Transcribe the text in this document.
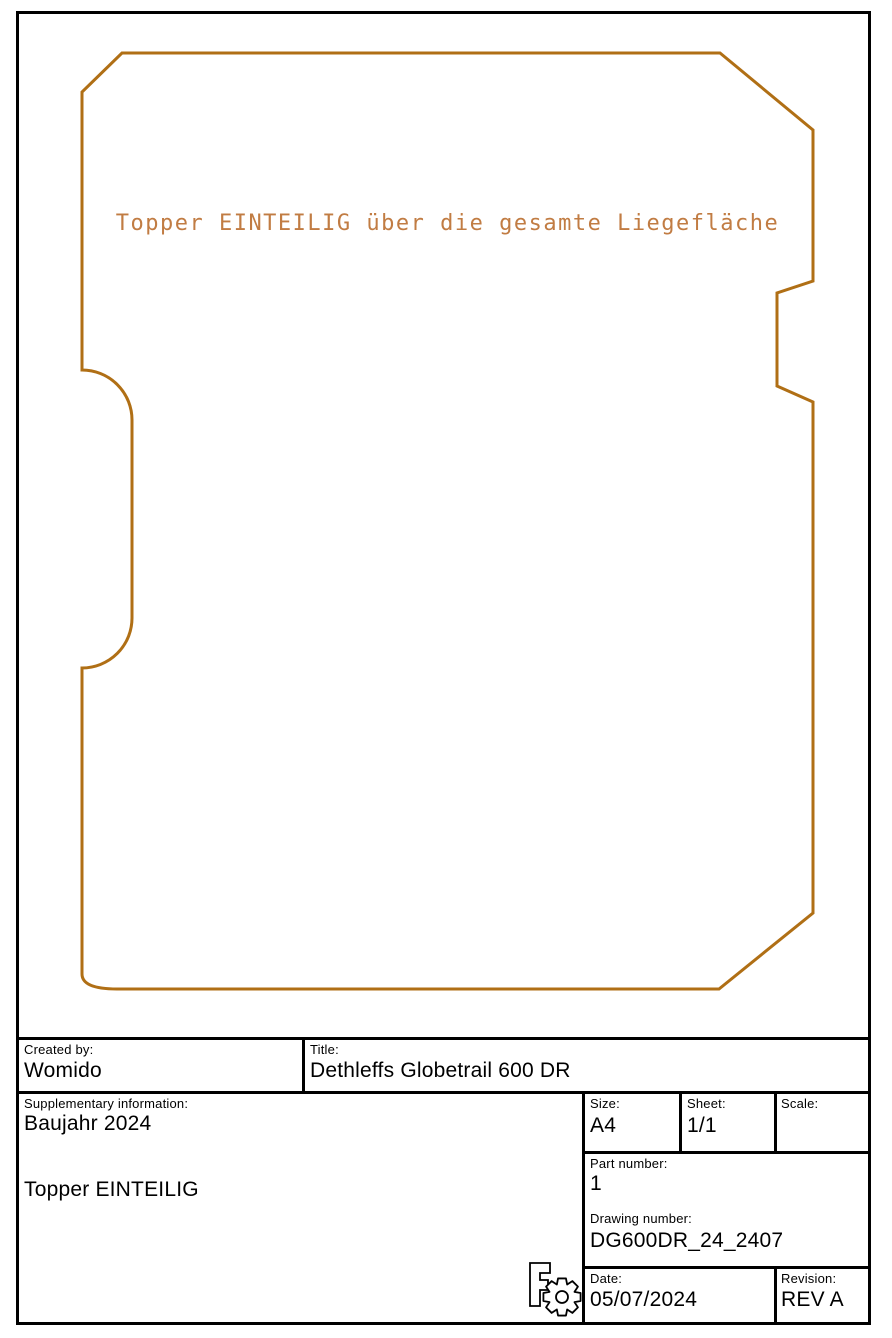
Topper EINTEILIG über die gesamte Liegefläche
Created by:
Womido
Title:
Dethleffs Globetrail 600 DR
Supplementary information:
Baujahr 2024
Topper EINTEILIG
Size:
A4
Sheet:
1/1
Scale:
Part number:
1
Drawing number:
DG600DR_24_2407
Date:
05/07/2024
Revision:
REV A
